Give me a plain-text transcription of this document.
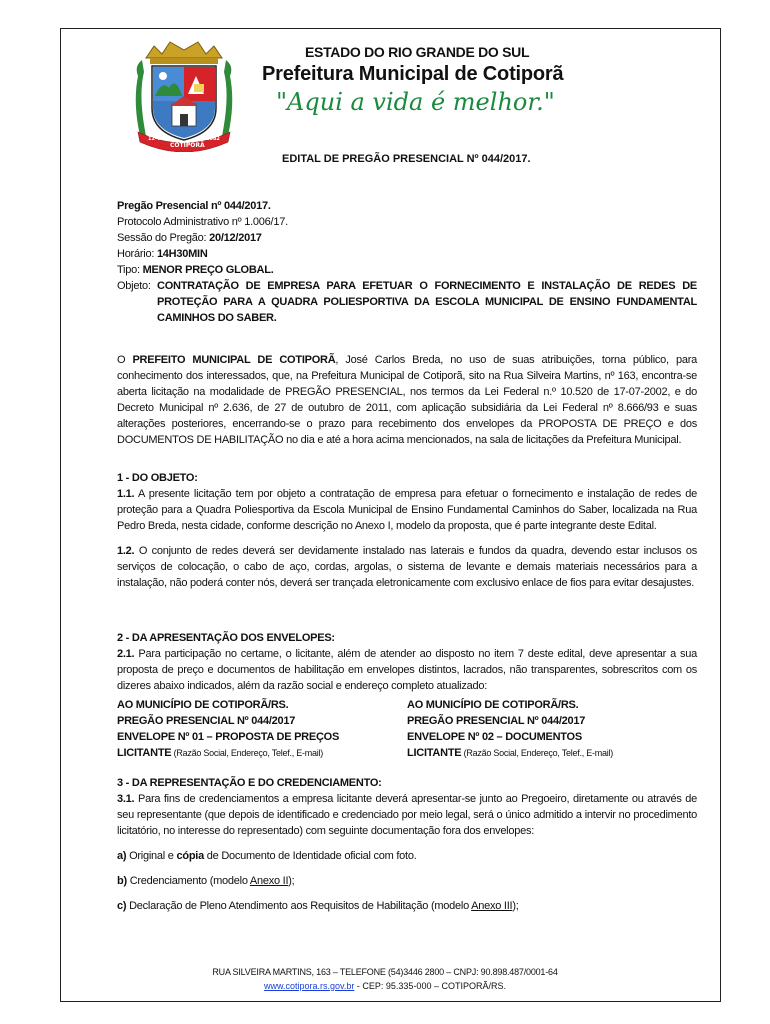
12-05
COTIPORÃ
1982
ESTADO DO RIO GRANDE DO SUL
Prefeitura Municipal de Cotiporã
"Aqui a vida é melhor."
EDITAL DE PREGÃO PRESENCIAL Nº 044/2017.

Pregão Presencial nº 044/2017.

Protocolo Administrativo nº 1.006/17.

Sessão do Pregão: 20/12/2017

Horário: 14H30MIN

Tipo: MENOR PREÇO GLOBAL.

Objeto: CONTRATAÇÃO DE EMPRESA PARA EFETUAR O FORNECIMENTO E INSTALAÇÃO DE REDES DE PROTEÇÃO PARA A QUADRA POLIESPORTIVA DA ESCOLA MUNICIPAL DE ENSINO FUNDAMENTAL CAMINHOS DO SABER.

O PREFEITO MUNICIPAL DE COTIPORÃ, José Carlos Breda, no uso de suas atribuições, torna público, para conhecimento dos interessados, que, na Prefeitura Municipal de Cotiporã, sito na Rua Silveira Martins, nº 163, encontra-se aberta licitação na modalidade de PREGÃO PRESENCIAL, nos termos da Lei Federal n.º 10.520 de 17-07-2002, e do Decreto Municipal nº 2.636, de 27 de outubro de 2011, com aplicação subsidiária da Lei Federal nº 8.666/93 e suas alterações posteriores, encerrando-se o prazo para recebimento dos envelopes da PROPOSTA DE PREÇO e dos DOCUMENTOS DE HABILITAÇÃO no dia e até a hora acima mencionados, na sala de licitações da Prefeitura Municipal.

1 - DO OBJETO:

1.1. A presente licitação tem por objeto a contratação de empresa para efetuar o fornecimento e instalação de redes de proteção para a Quadra Poliesportiva da Escola Municipal de Ensino Fundamental Caminhos do Saber, localizada na Rua Pedro Breda, nesta cidade, conforme descrição no Anexo I, modelo da proposta, que é parte integrante deste Edital.

1.2. O conjunto de redes deverá ser devidamente instalado nas laterais e fundos da quadra, devendo estar inclusos os serviços de colocação, o cabo de aço, cordas, argolas, o sistema de levante e demais materiais necessários para a instalação, não poderá conter nós, deverá ser trançada eletronicamente com exclusivo enlace de fios para evitar desajustes.

2 - DA APRESENTAÇÃO DOS ENVELOPES:

2.1. Para participação no certame, o licitante, além de atender ao disposto no item 7 deste edital, deve apresentar a sua proposta de preço e documentos de habilitação em envelopes distintos, lacrados, não transparentes, sobrescritos com os dizeres abaixo indicados, além da razão social e endereço completo atualizado:

AO MUNICÍPIO DE COTIPORÃ/RS.
PREGÃO PRESENCIAL Nº 044/2017
ENVELOPE Nº 01 – PROPOSTA DE PREÇOS
LICITANTE (Razão Social, Endereço, Telef., E-mail)
AO MUNICÍPIO DE COTIPORÃ/RS.
PREGÃO PRESENCIAL Nº 044/2017
ENVELOPE Nº 02 – DOCUMENTOS
LICITANTE (Razão Social, Endereço, Telef., E-mail)

3 - DA REPRESENTAÇÃO E DO CREDENCIAMENTO:

3.1. Para fins de credenciamentos a empresa licitante deverá apresentar-se junto ao Pregoeiro, diretamente ou através de seu representante (que depois de identificado e credenciado por meio legal, será o único admitido a intervir no procedimento licitatório, no interesse do representado) com seguinte documentação fora dos envelopes:

a) Original e cópia de Documento de Identidade oficial com foto.

b) Credenciamento (modelo Anexo II);

c) Declaração de Pleno Atendimento aos Requisitos de Habilitação (modelo Anexo III);

RUA SILVEIRA MARTINS, 163 – TELEFONE (54)3446 2800 – CNPJ: 90.898.487/0001-64
www.cotipora.rs.gov.br - CEP: 95.335-000 – COTIPORÃ/RS.
